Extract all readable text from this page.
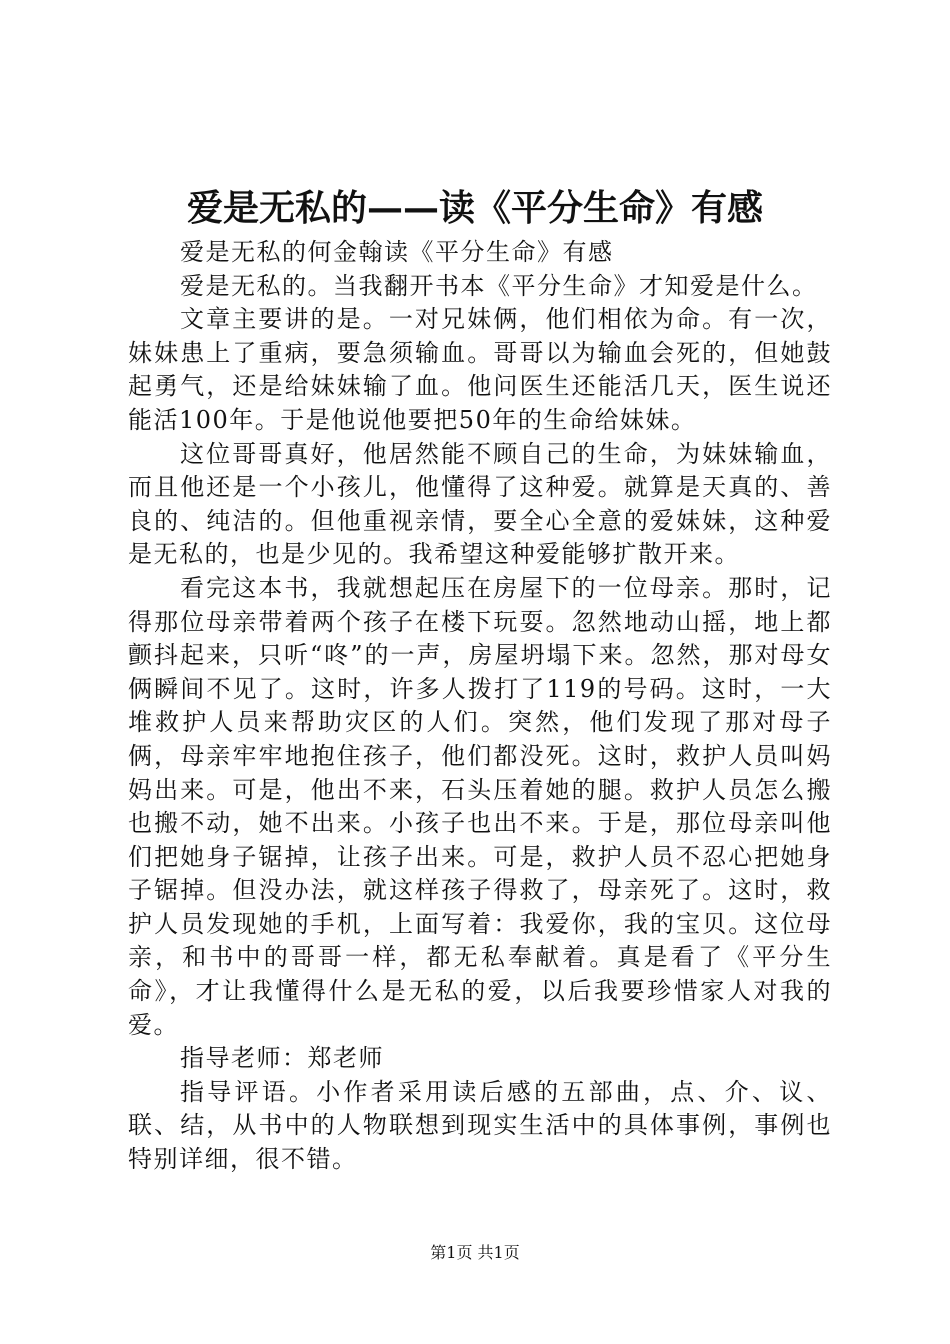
爱是无私的——读《平分生命》有感

爱是无私的何金翰读《平分生命》有感

爱是无私的。当我翻开书本《平分生命》才知爱是什么。

文章主要讲的是。一对兄妹俩，他们相依为命。有一次，妹妹患上了重病，要急须输血。哥哥以为输血会死的，但她鼓起勇气，还是给妹妹输了血。他问医生还能活几天，医生说还能活100年。于是他说他要把50年的生命给妹妹。

这位哥哥真好，他居然能不顾自己的生命，为妹妹输血，而且他还是一个小孩儿，他懂得了这种爱。就算是天真的、善良的、纯洁的。但他重视亲情，要全心全意的爱妹妹，这种爱是无私的，也是少见的。我希望这种爱能够扩散开来。

看完这本书，我就想起压在房屋下的一位母亲。那时，记得那位母亲带着两个孩子在楼下玩耍。忽然地动山摇，地上都颤抖起来，只听“咚”的一声，房屋坍塌下来。忽然，那对母女俩瞬间不见了。这时，许多人拨打了119的号码。这时，一大堆救护人员来帮助灾区的人们。突然，他们发现了那对母子俩，母亲牢牢地抱住孩子，他们都没死。这时，救护人员叫妈妈出来。可是，他出不来，石头压着她的腿。救护人员怎么搬也搬不动，她不出来。小孩子也出不来。于是，那位母亲叫他们把她身子锯掉，让孩子出来。可是，救护人员不忍心把她身子锯掉。但没办法，就这样孩子得救了，母亲死了。这时，救护人员发现她的手机，上面写着：我爱你，我的宝贝。这位母亲，和书中的哥哥一样，都无私奉献着。真是看了《平分生命》，才让我懂得什么是无私的爱，以后我要珍惜家人对我的爱。

指导老师：郑老师

指导评语。小作者采用读后感的五部曲，点、介、议、联、结，从书中的人物联想到现实生活中的具体事例，事例也特别详细，很不错。

第1页 共1页
